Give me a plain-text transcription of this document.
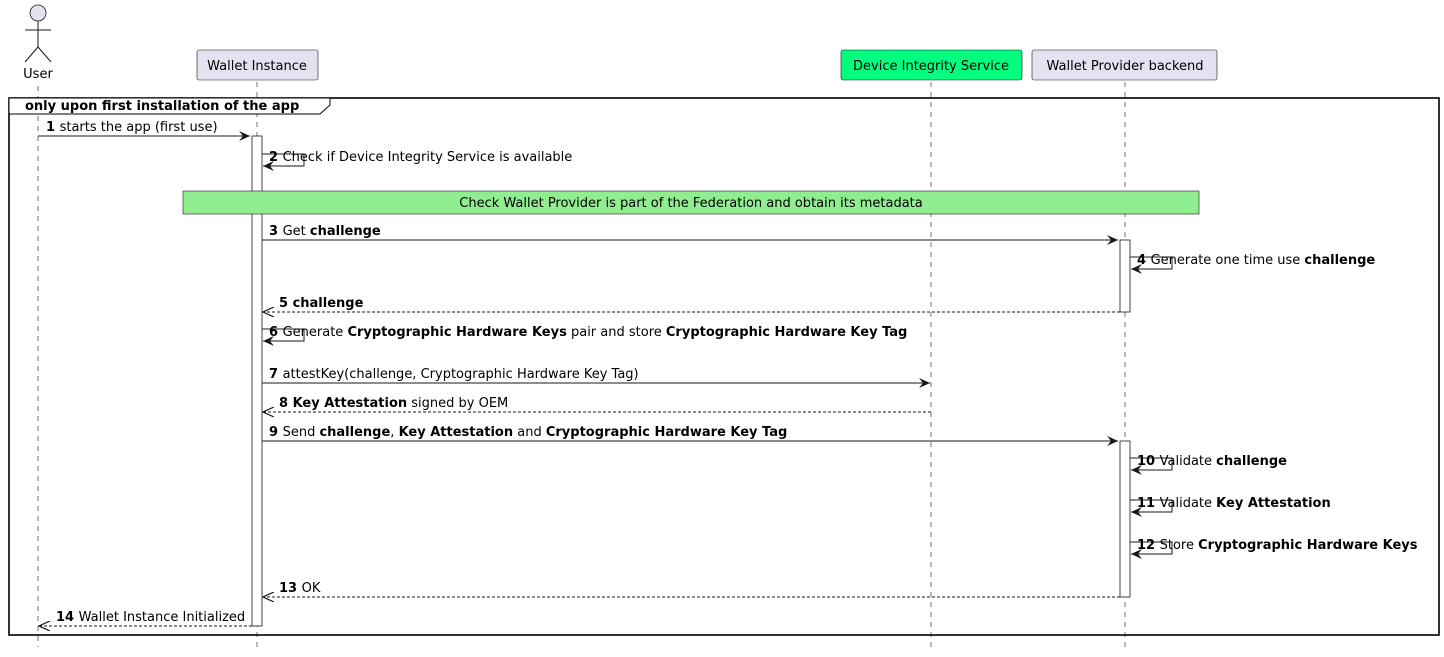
User
Wallet Instance	Device Integrity Service	Wallet Provider backend
only upon first installation of the app
Check Wallet Provider is part of the Federation and obtain its metadata
1 starts the app (first use)
2 Check if Device Integrity Service is available
3 Get challenge
4 Generate one time use challenge
5 challenge
6 Generate Cryptographic Hardware Keys pair and store Cryptographic Hardware Key Tag
7 attestKey(challenge, Cryptographic Hardware Key Tag)
8 Key Attestation signed by OEM
9 Send challenge, Key Attestation and Cryptographic Hardware Key Tag
10 Validate challenge
11 Validate Key Attestation
12 Store Cryptographic Hardware Keys
13 OK
14 Wallet Instance Initialized
